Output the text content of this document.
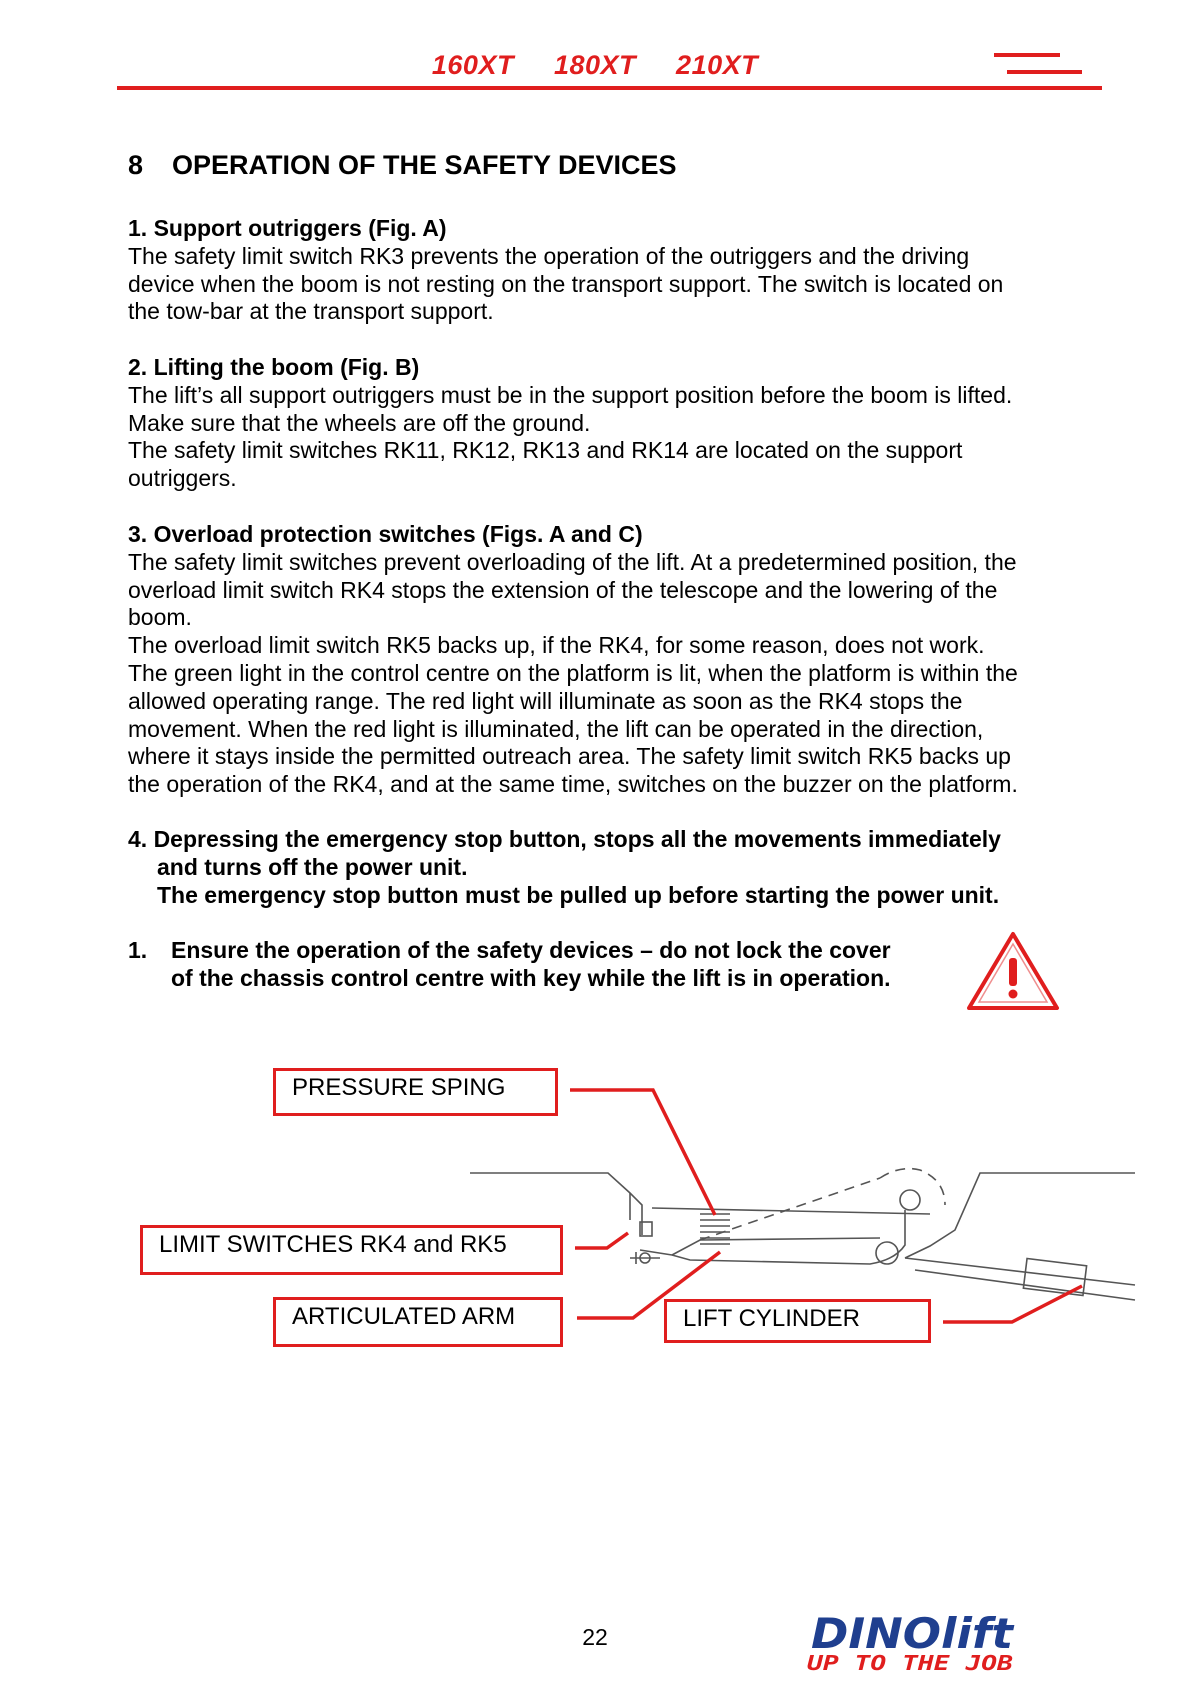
160XT 180XT 210XT
8 OPERATION OF THE SAFETY DEVICES
1. Support outriggers (Fig. A)
The safety limit switch RK3 prevents the operation of the outriggers and the driving
device when the boom is not resting on the transport support. The switch is located on
the tow-bar at the transport support.
2. Lifting the boom (Fig. B)
The lift’s all support outriggers must be in the support position before the boom is lifted.
Make sure that the wheels are off the ground.
The safety limit switches RK11, RK12, RK13 and RK14 are located on the support
outriggers.
3. Overload protection switches (Figs. A and C)
The safety limit switches prevent overloading of the lift. At a predetermined position, the
overload limit switch RK4 stops the extension of the telescope and the lowering of the
boom.
The overload limit switch RK5 backs up, if the RK4, for some reason, does not work.
The green light in the control centre on the platform is lit, when the platform is within the
allowed operating range. The red light will illuminate as soon as the RK4 stops the
movement. When the red light is illuminated, the lift can be operated in the direction,
where it stays inside the permitted outreach area. The safety limit switch RK5 backs up
the operation of the RK4, and at the same time, switches on the buzzer on the platform.
4. Depressing the emergency stop button, stops all the movements immediately
and turns off the power unit.
The emergency stop button must be pulled up before starting the power unit.
1. Ensure the operation of the safety devices – do not lock the cover
of the chassis control centre with key while the lift is in operation.
PRESSURE SPING
LIMIT SWITCHES RK4 and RK5
ARTICULATED ARM	LIFT CYLINDER
22	DINOlift
UP TO THE JOB
